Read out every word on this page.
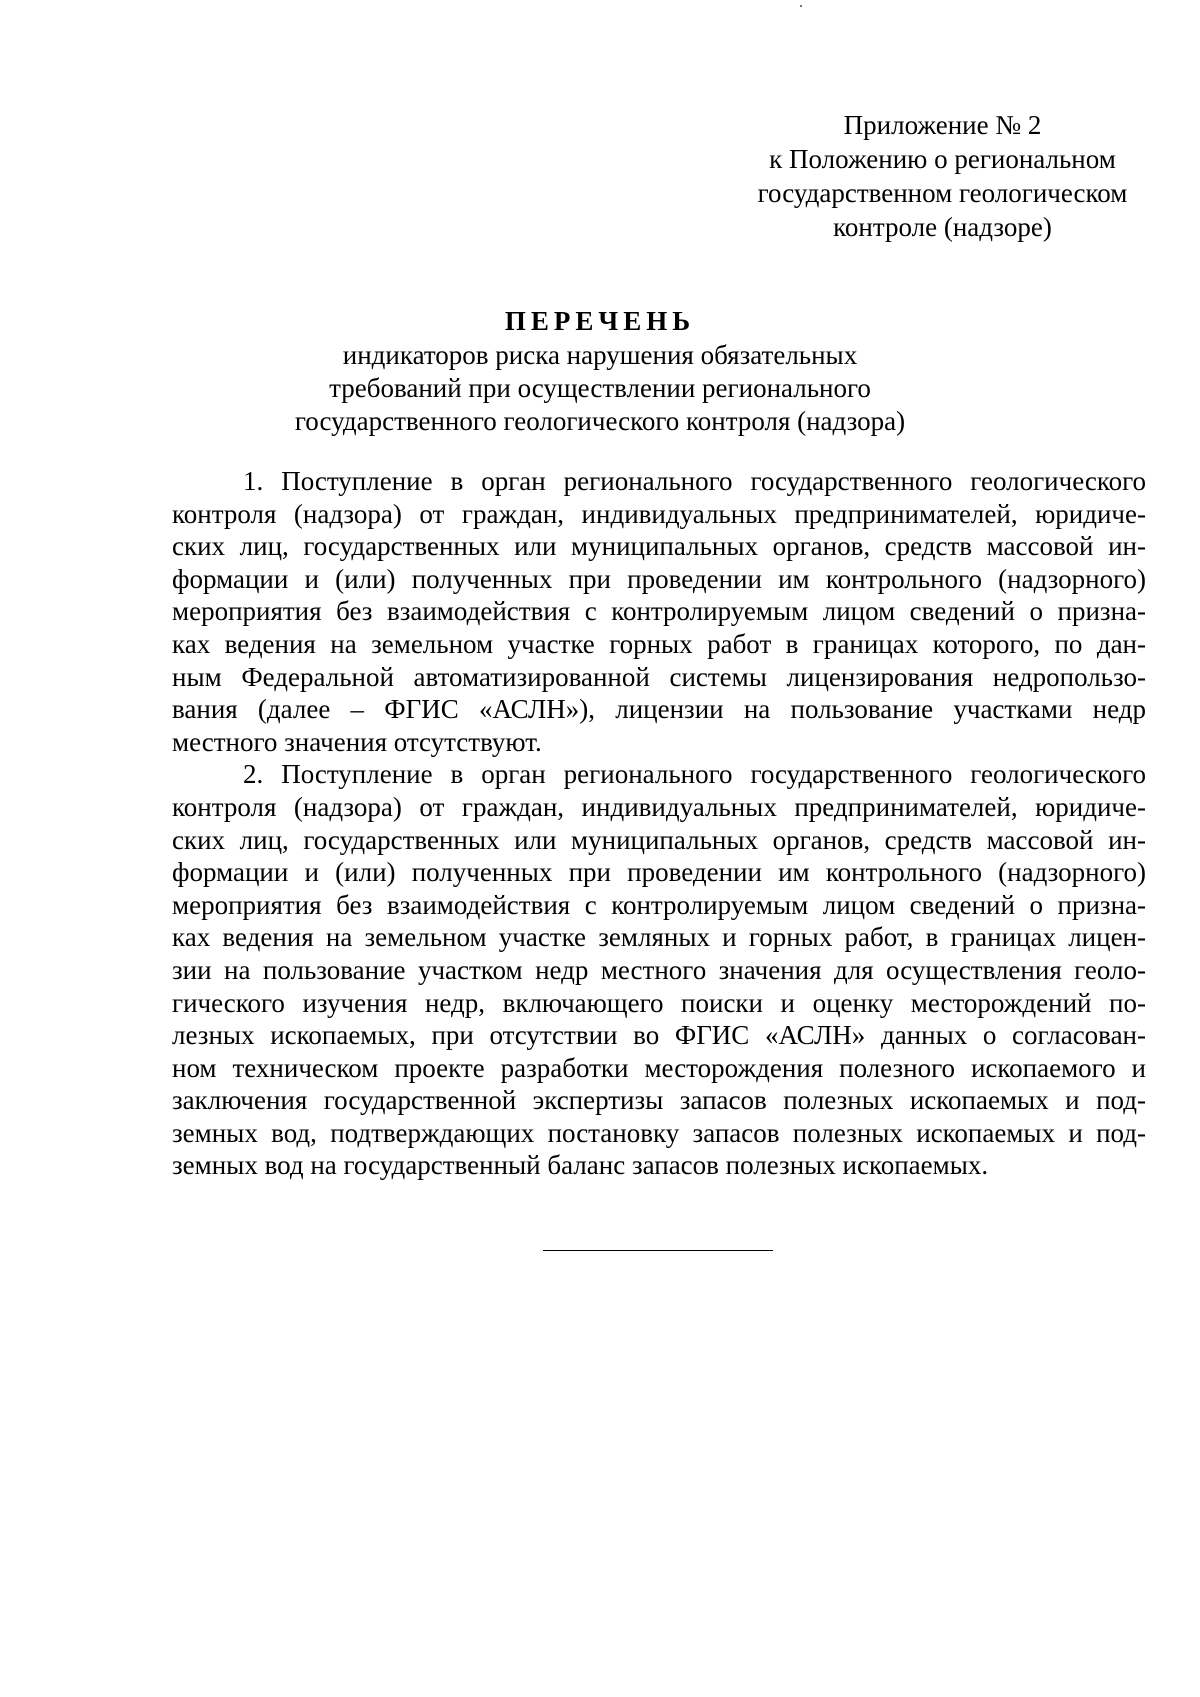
Приложение № 2
к Положению о региональном
государственном геологическом
контроле (надзоре)
ПЕРЕЧЕНЬ
индикаторов риска нарушения обязательных
требований при осуществлении регионального
государственного геологического контроля (надзора)
1. Поступление в орган регионального государственного геологического
контроля (надзора) от граждан, индивидуальных предпринимателей, юридиче-
ских лиц, государственных или муниципальных органов, средств массовой ин-
формации и (или) полученных при проведении им контрольного (надзорного)
мероприятия без взаимодействия с контролируемым лицом сведений о призна-
ках ведения на земельном участке горных работ в границах которого, по дан-
ным Федеральной автоматизированной системы лицензирования недропользо-
вания (далее – ФГИС «АСЛН»), лицензии на пользование участками недр
местного значения отсутствуют.
2. Поступление в орган регионального государственного геологического
контроля (надзора) от граждан, индивидуальных предпринимателей, юридиче-
ских лиц, государственных или муниципальных органов, средств массовой ин-
формации и (или) полученных при проведении им контрольного (надзорного)
мероприятия без взаимодействия с контролируемым лицом сведений о призна-
ках ведения на земельном участке земляных и горных работ, в границах лицен-
зии на пользование участком недр местного значения для осуществления геоло-
гического изучения недр, включающего поиски и оценку месторождений по-
лезных ископаемых, при отсутствии во ФГИС «АСЛН» данных о согласован-
ном техническом проекте разработки месторождения полезного ископаемого и
заключения государственной экспертизы запасов полезных ископаемых и под-
земных вод, подтверждающих постановку запасов полезных ископаемых и под-
земных вод на государственный баланс запасов полезных ископаемых.
